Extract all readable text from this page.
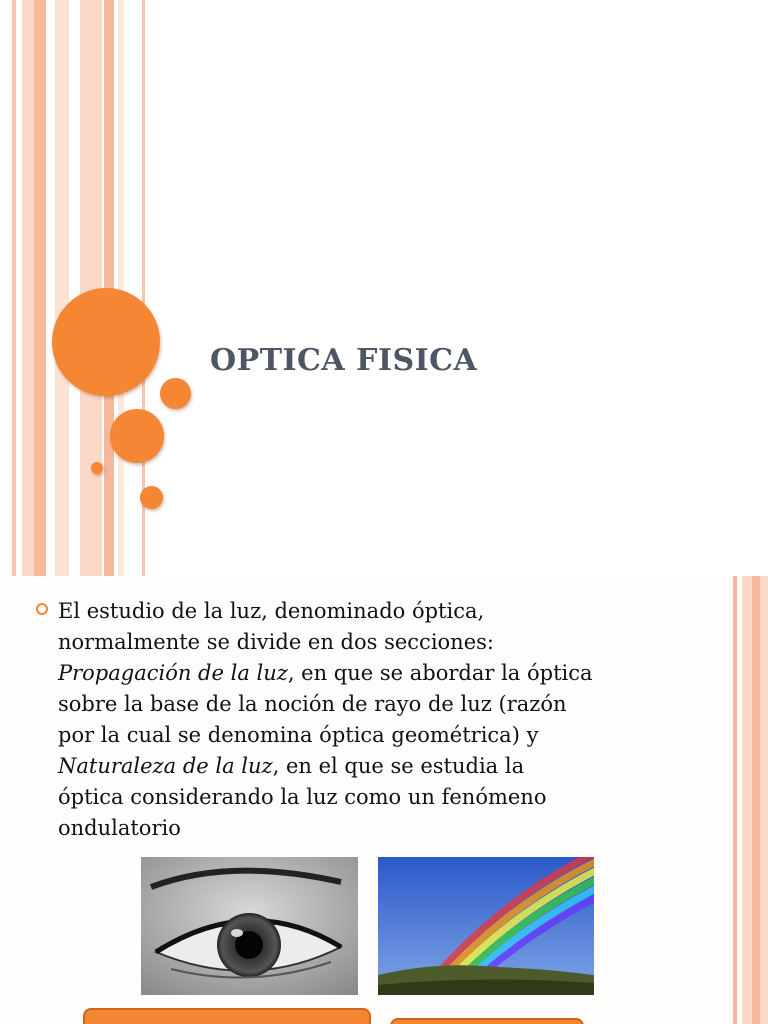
OPTICA FISICA
El estudio de la luz, denominado óptica,
normalmente se divide en dos secciones:
Propagación de la luz, en que se abordar la óptica
sobre la base de la noción de rayo de luz (razón
por la cual se denomina óptica geométrica) y
Naturaleza de la luz, en el que se estudia la
óptica considerando la luz como un fenómeno
ondulatorio
